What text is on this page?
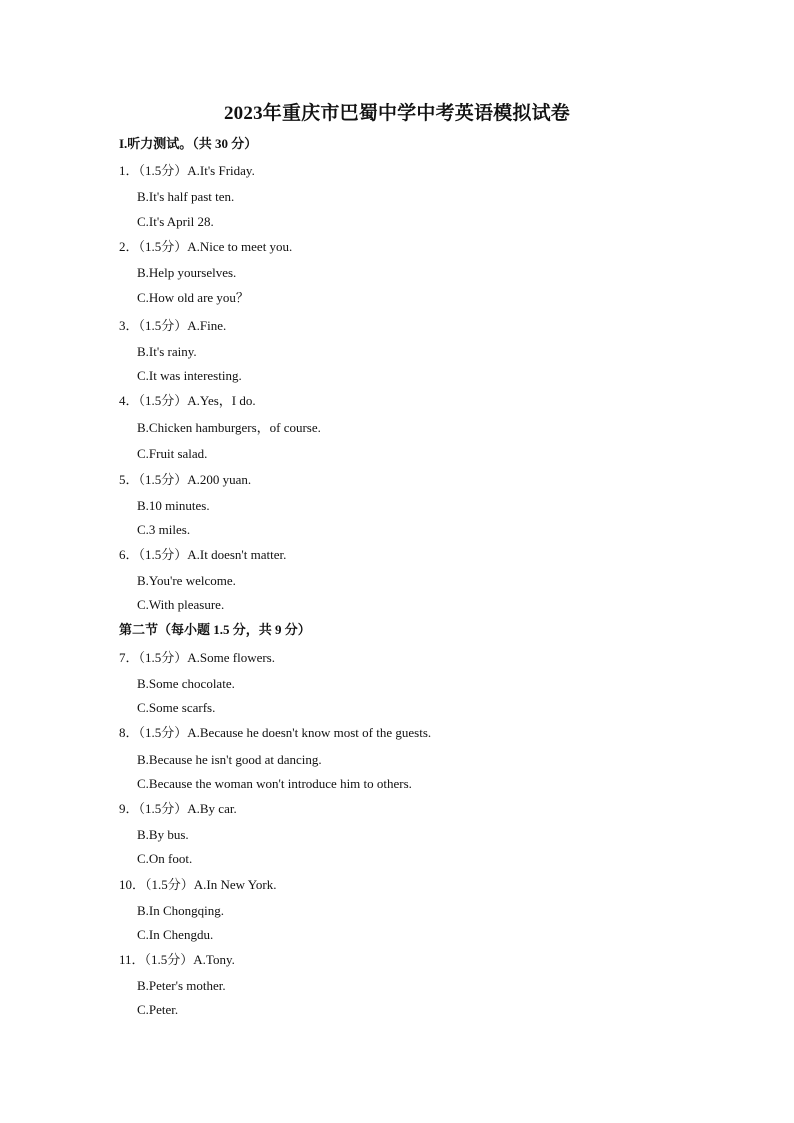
2023年重庆市巴蜀中学中考英语模拟试卷
I.听力测试。（共 30 分）
1．（1.5分）A.It's Friday.
B.It's half past ten.
C.It's April 28.
2．（1.5分）A.Nice to meet you.
B.Help yourselves.
C.How old are you？
3．（1.5分）A.Fine.
B.It's rainy.
C.It was interesting.
4．（1.5分）A.Yes，I do.
B.Chicken hamburgers，of course.
C.Fruit salad.
5．（1.5分）A.200 yuan.
B.10 minutes.
C.3 miles.
6．（1.5分）A.It doesn't matter.
B.You're welcome.
C.With pleasure.
第二节（每小题 1.5 分，共 9 分）
7．（1.5分）A.Some flowers.
B.Some chocolate.
C.Some scarfs.
8．（1.5分）A.Because he doesn't know most of the guests.
B.Because he isn't good at dancing.
C.Because the woman won't introduce him to others.
9．（1.5分）A.By car.
B.By bus.
C.On foot.
10．（1.5分）A.In New York.
B.In Chongqing.
C.In Chengdu.
11．（1.5分）A.Tony.
B.Peter's mother.
C.Peter.
